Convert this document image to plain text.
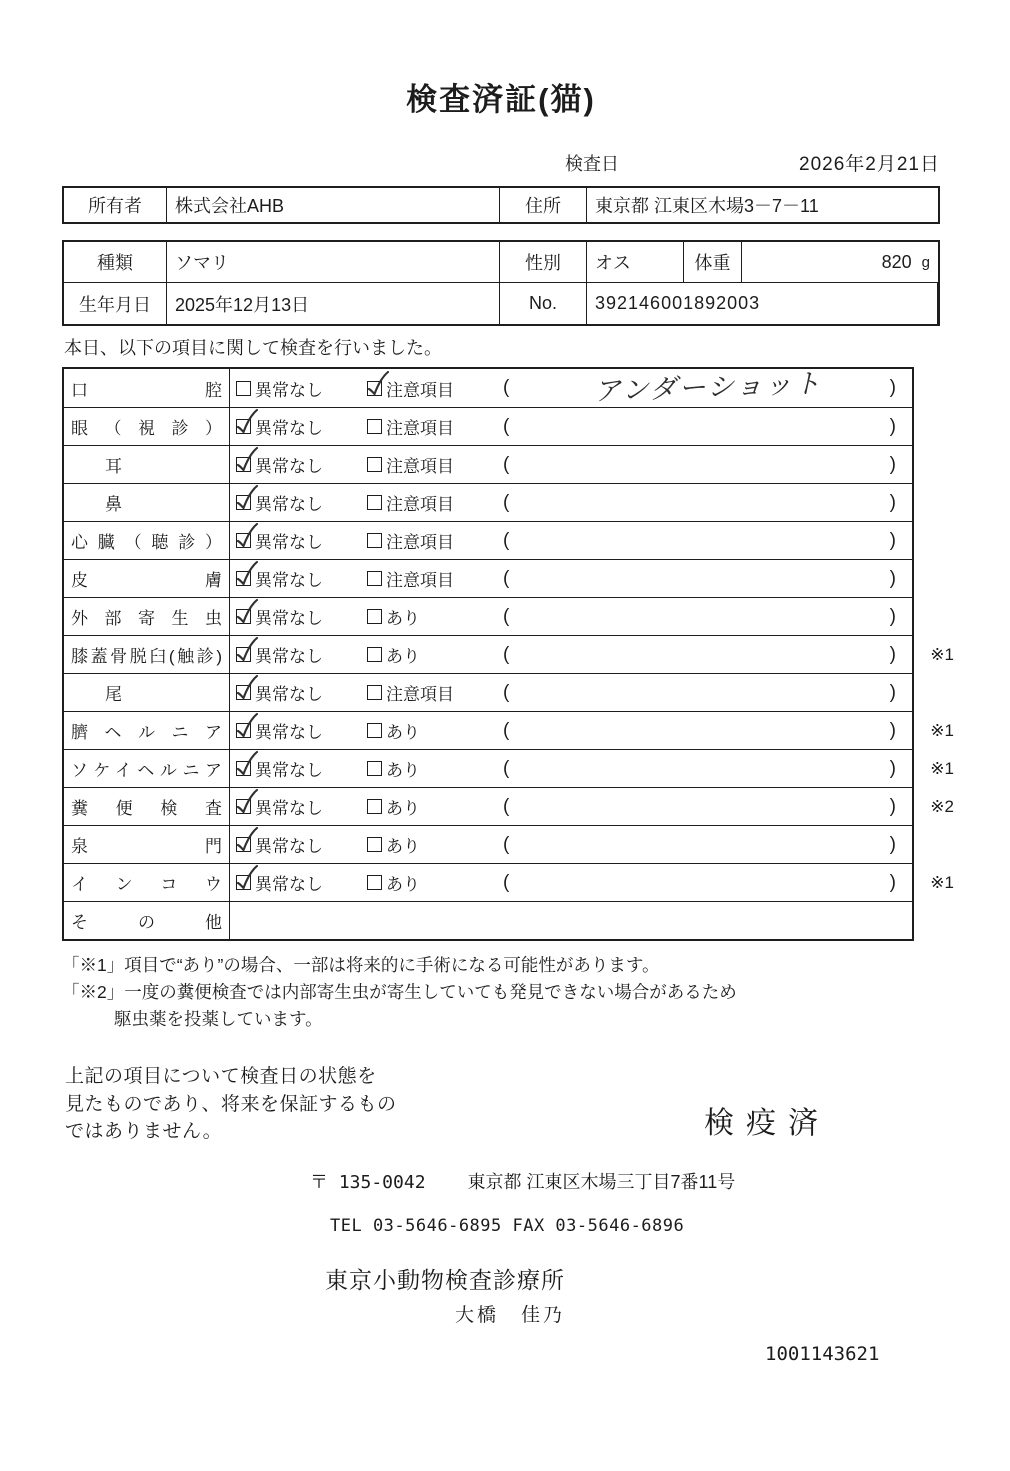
検査済証(猫)
検査日	2026年2月21日
所有者	株式会社AHB	住所	東京都 江東区木場3－7－11
種類	ソマリ	性別	オス	体重	820 g
生年月日	2025年12月13日	No.	392146001892003

本日、以下の項目に関して検査を行いました。

口腔 異常なし	注意項目	(	アンダーショット	)
眼（視診） 異常なし	注意項目	(	)
耳	異常なし	注意項目	(	)
鼻	異常なし	注意項目	(	)
心臓（聴診） 異常なし	注意項目	(	)
皮膚 異常なし	注意項目	(	)
外部寄生虫 異常なし	あり	(	)
膝蓋骨脱臼(触診) 異常なし	あり	(	) ※1
尾	異常なし	注意項目	(	)
臍ヘルニア 異常なし	あり	(	) ※1
ソケイヘルニア 異常なし	あり	(	) ※1
糞便検査 異常なし	あり	(	) ※2
泉門 異常なし	あり	(	)
インコウ 異常なし	あり	(	) ※1
その他
「※1」項目で“あり”の場合、一部は将来的に手術になる可能性があります。
「※2」一度の糞便検査では内部寄生虫が寄生していても発見できない場合があるため
駆虫薬を投薬しています。
上記の項目について検査日の状態を
見たものであり、将来を保証するもの
ではありません。	検疫済
〒 135-0042 東京都 江東区木場三丁目7番11号
TEL 03-5646-6895 FAX 03-5646-6896
東京小動物検査診療所
大橋　佳乃
1001143621
